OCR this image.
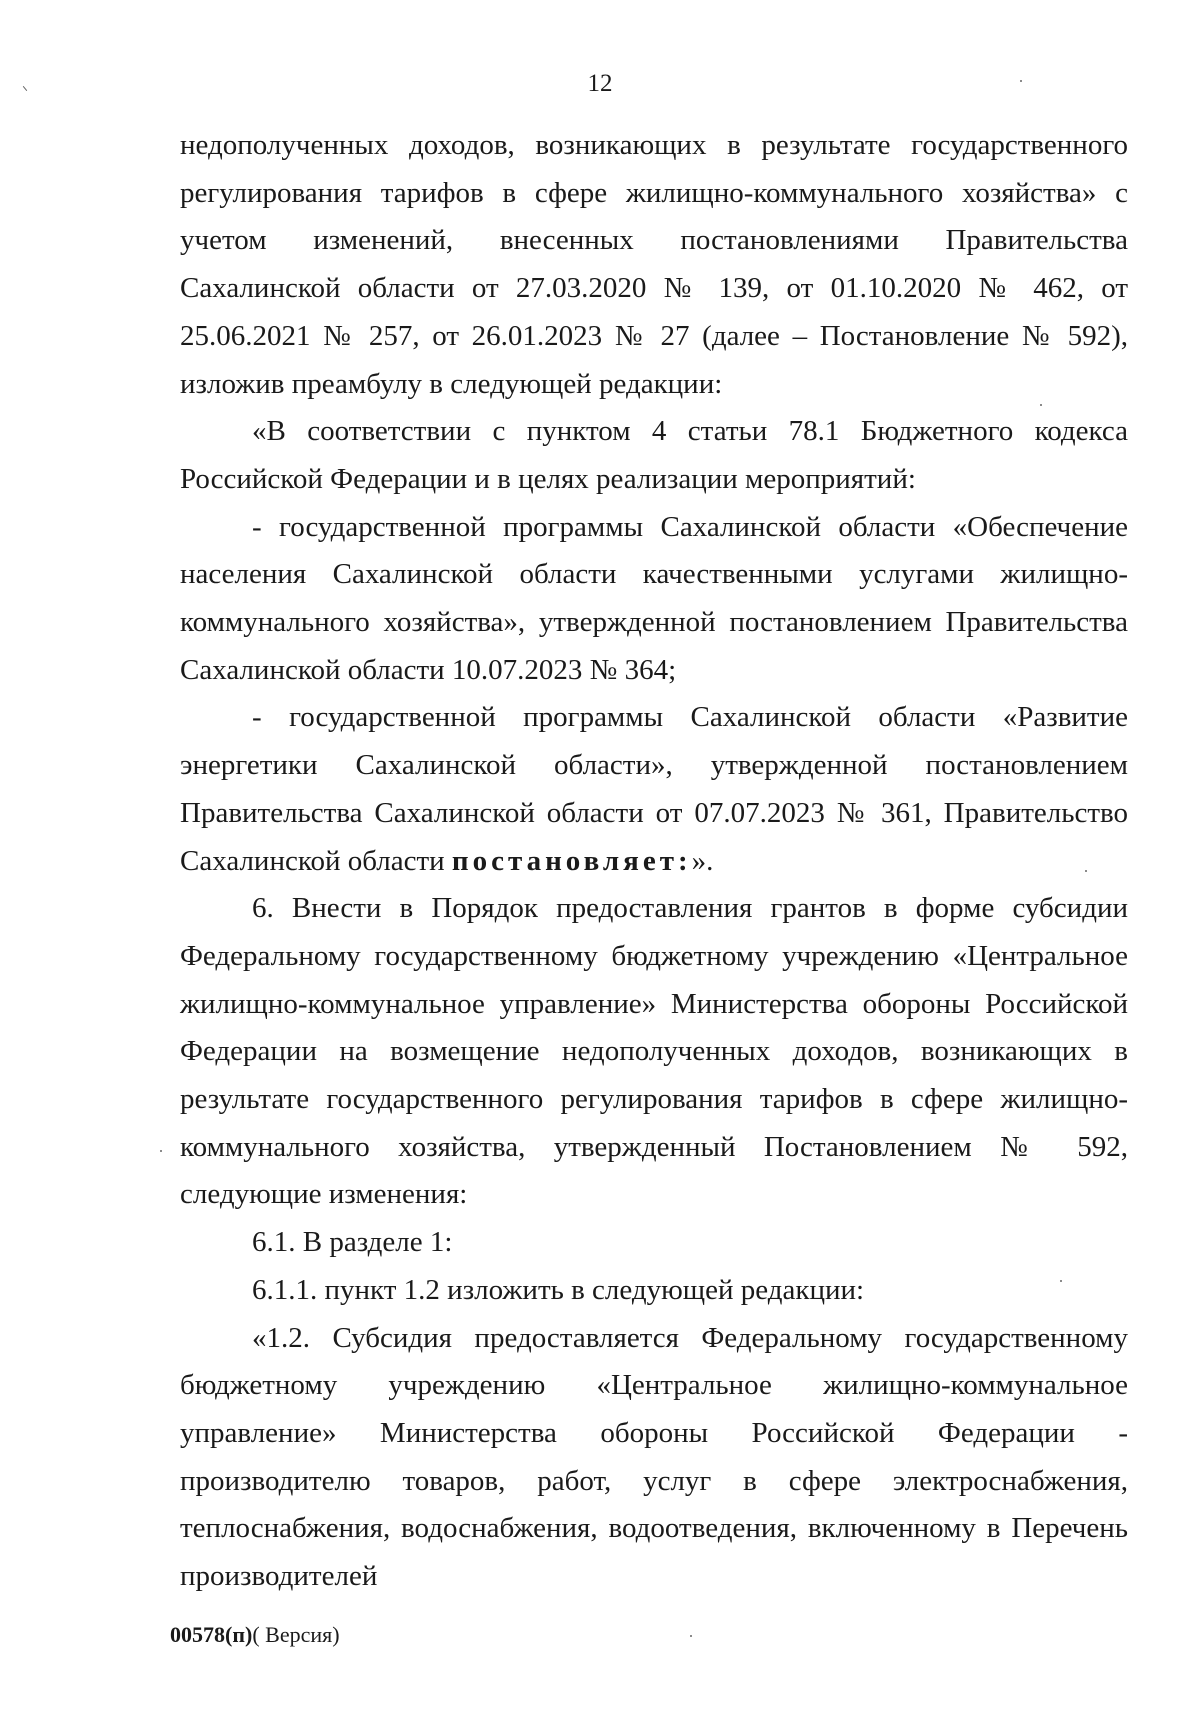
12

недополученных доходов, возникающих в результате государственного регулирования тарифов в сфере жилищно-коммунального хозяйства» с учетом изменений, внесенных постановлениями Правительства Сахалинской области от 27.03.2020 № 139, от 01.10.2020 № 462, от 25.06.2021 № 257, от 26.01.2023 № 27 (далее – Постановление № 592), изложив преамбулу в следующей редакции:

«В соответствии с пунктом 4 статьи 78.1 Бюджетного кодекса Российской Федерации и в целях реализации мероприятий:

- государственной программы Сахалинской области «Обеспечение населения Сахалинской области качественными услугами жилищно-коммунального хозяйства», утвержденной постановлением Правительства Сахалинской области 10.07.2023 № 364;

- государственной программы Сахалинской области «Развитие энергетики Сахалинской области», утвержденной постановлением Правительства Сахалинской области от 07.07.2023 № 361, Правительство Сахалинской области постановляет:».

6. Внести в Порядок предоставления грантов в форме субсидии Федеральному государственному бюджетному учреждению «Центральное жилищно-коммунальное управление» Министерства обороны Российской Федерации на возмещение недополученных доходов, возникающих в результате государственного регулирования тарифов в сфере жилищно-коммунального хозяйства, утвержденный Постановлением № 592, следующие изменения:

6.1. В разделе 1:

6.1.1. пункт 1.2 изложить в следующей редакции:

«1.2. Субсидия предоставляется Федеральному государственному бюджетному учреждению «Центральное жилищно-коммунальное управление» Министерства обороны Российской Федерации - производителю товаров, работ, услуг в сфере электроснабжения, теплоснабжения, водоснабжения, водоотведения, включенному в Перечень производителей

00578(п)( Версия)
